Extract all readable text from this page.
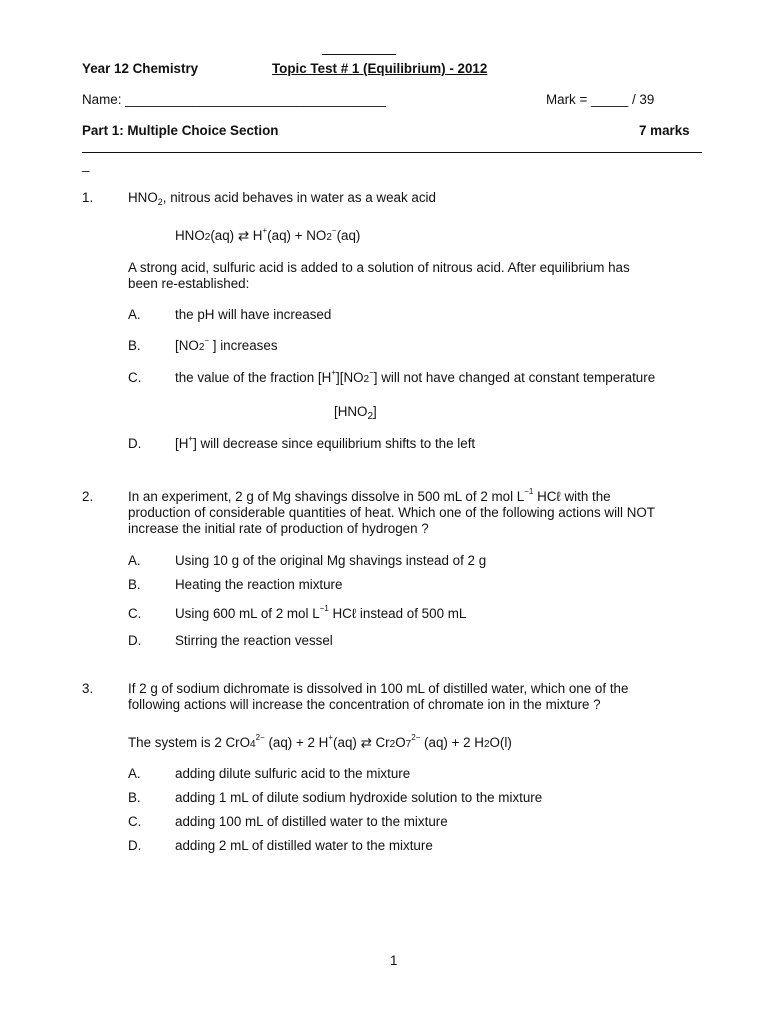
Year 12 Chemistry	Topic Test # 1 (Equilibrium) - 2012
Name: ___________________________________	Mark = _____ / 39
Part 1: Multiple Choice Section	7 marks
_
1.	$HNO_2$, nitrous acid behaves in water as a weak acid
HNO2(aq) ⇄ H+(aq) + NO2−(aq)
A strong acid, sulfuric acid is added to a solution of nitrous acid. After equilibrium has
been re-established:
A.	the pH will have increased
B.	[NO2− ] increases
C.	the value of the fraction [H+][NO2−] will not have changed at constant temperature
$[HNO_2]$
D.	[H+] will decrease since equilibrium shifts to the left
2.	In an experiment, 2 g of Mg shavings dissolve in 500 mL of 2 mol $L^{-1}$ HCℓ with the
production of considerable quantities of heat. Which one of the following actions will NOT
increase the initial rate of production of hydrogen ?
A.	Using 10 g of the original Mg shavings instead of 2 g
B.	Heating the reaction mixture
C.	Using 600 mL of 2 mol $L^{-1}$ HCℓ instead of 500 mL
D.	Stirring the reaction vessel
3.	If 2 g of sodium dichromate is dissolved in 100 mL of distilled water, which one of the
following actions will increase the concentration of chromate ion in the mixture ?
The system is 2 $CrO4^{2-}$ (aq) + 2 H+(aq) ⇄ $Cr2O7^{2-}$ (aq) + 2 H2O(l)
A.	adding dilute sulfuric acid to the mixture
B.	adding 1 mL of dilute sodium hydroxide solution to the mixture
C.	adding 100 mL of distilled water to the mixture
D.	adding 2 mL of distilled water to the mixture
1
